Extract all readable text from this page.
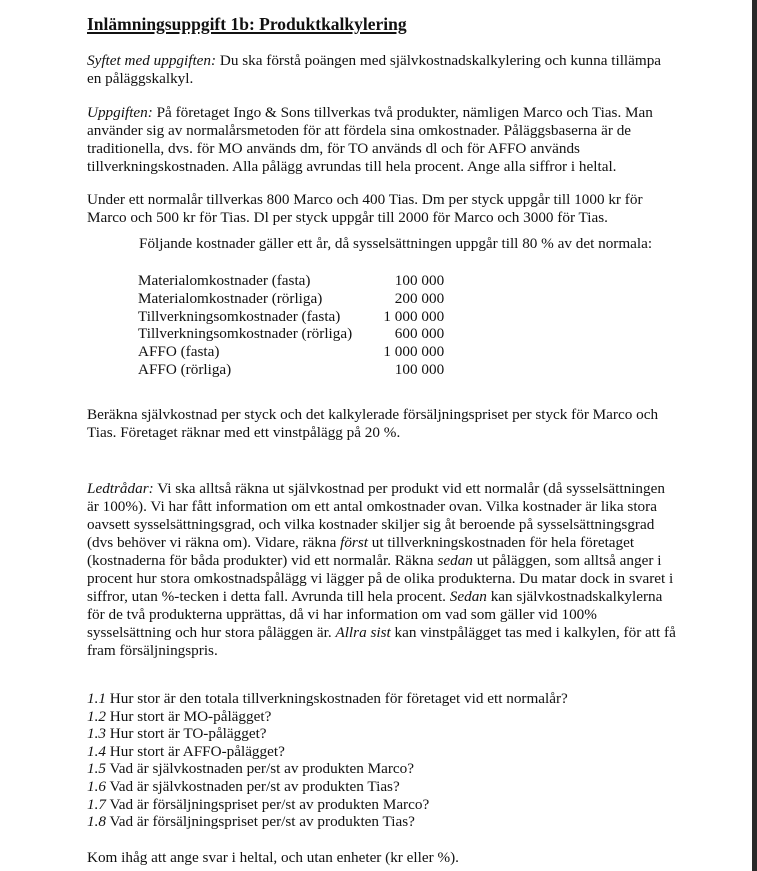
Inlämningsuppgift 1b: Produktkalkylering

Syftet med uppgiften: Du ska förstå poängen med självkostnadskalkylering och kunna tillämpa en påläggskalkyl.

Uppgiften: På företaget Ingo & Sons tillverkas två produkter, nämligen Marco och Tias. Man använder sig av normalårsmetoden för att fördela sina omkostnader. Påläggsbaserna är de traditionella, dvs. för MO används dm, för TO används dl och för AFFO används tillverkningskostnaden. Alla pålägg avrundas till hela procent. Ange alla siffror i heltal.

Under ett normalår tillverkas 800 Marco och 400 Tias. Dm per styck uppgår till 1000 kr för Marco och 500 kr för Tias. Dl per styck uppgår till 2000 för Marco och 3000 för Tias.

Följande kostnader gäller ett år, då sysselsättningen uppgår till 80 % av det normala:

Materialomkostnader (fasta)	100 000
Materialomkostnader (rörliga)	200 000
Tillverkningsomkostnader (fasta)	1 000 000
Tillverkningsomkostnader (rörliga)	600 000
AFFO (fasta)	1 000 000
AFFO (rörliga)	100 000

Beräkna självkostnad per styck och det kalkylerade försäljningspriset per styck för Marco och Tias. Företaget räknar med ett vinstpålägg på 20 %.

Ledtrådar: Vi ska alltså räkna ut självkostnad per produkt vid ett normalår (då sysselsättningen är 100%). Vi har fått information om ett antal omkostnader ovan. Vilka kostnader är lika stora oavsett sysselsättningsgrad, och vilka kostnader skiljer sig åt beroende på sysselsättningsgrad (dvs behöver vi räkna om). Vidare, räkna först ut tillverkningskostnaden för hela företaget (kostnaderna för båda produkter) vid ett normalår. Räkna sedan ut påläggen, som alltså anger i procent hur stora omkostnadspålägg vi lägger på de olika produkterna. Du matar dock in svaret i siffror, utan %-tecken i detta fall. Avrunda till hela procent. Sedan kan självkostnadskalkylerna för de två produkterna upprättas, då vi har information om vad som gäller vid 100% sysselsättning och hur stora påläggen är. Allra sist kan vinstpålägget tas med i kalkylen, för att få fram försäljningspris.

1.1 Hur stor är den totala tillverkningskostnaden för företaget vid ett normalår?
1.2 Hur stort är MO-pålägget?
1.3 Hur stort är TO-pålägget?
1.4 Hur stort är AFFO-pålägget?
1.5 Vad är självkostnaden per/st av produkten Marco?
1.6 Vad är självkostnaden per/st av produkten Tias?
1.7 Vad är försäljningspriset per/st av produkten Marco?
1.8 Vad är försäljningspriset per/st av produkten Tias?

Kom ihåg att ange svar i heltal, och utan enheter (kr eller %).
